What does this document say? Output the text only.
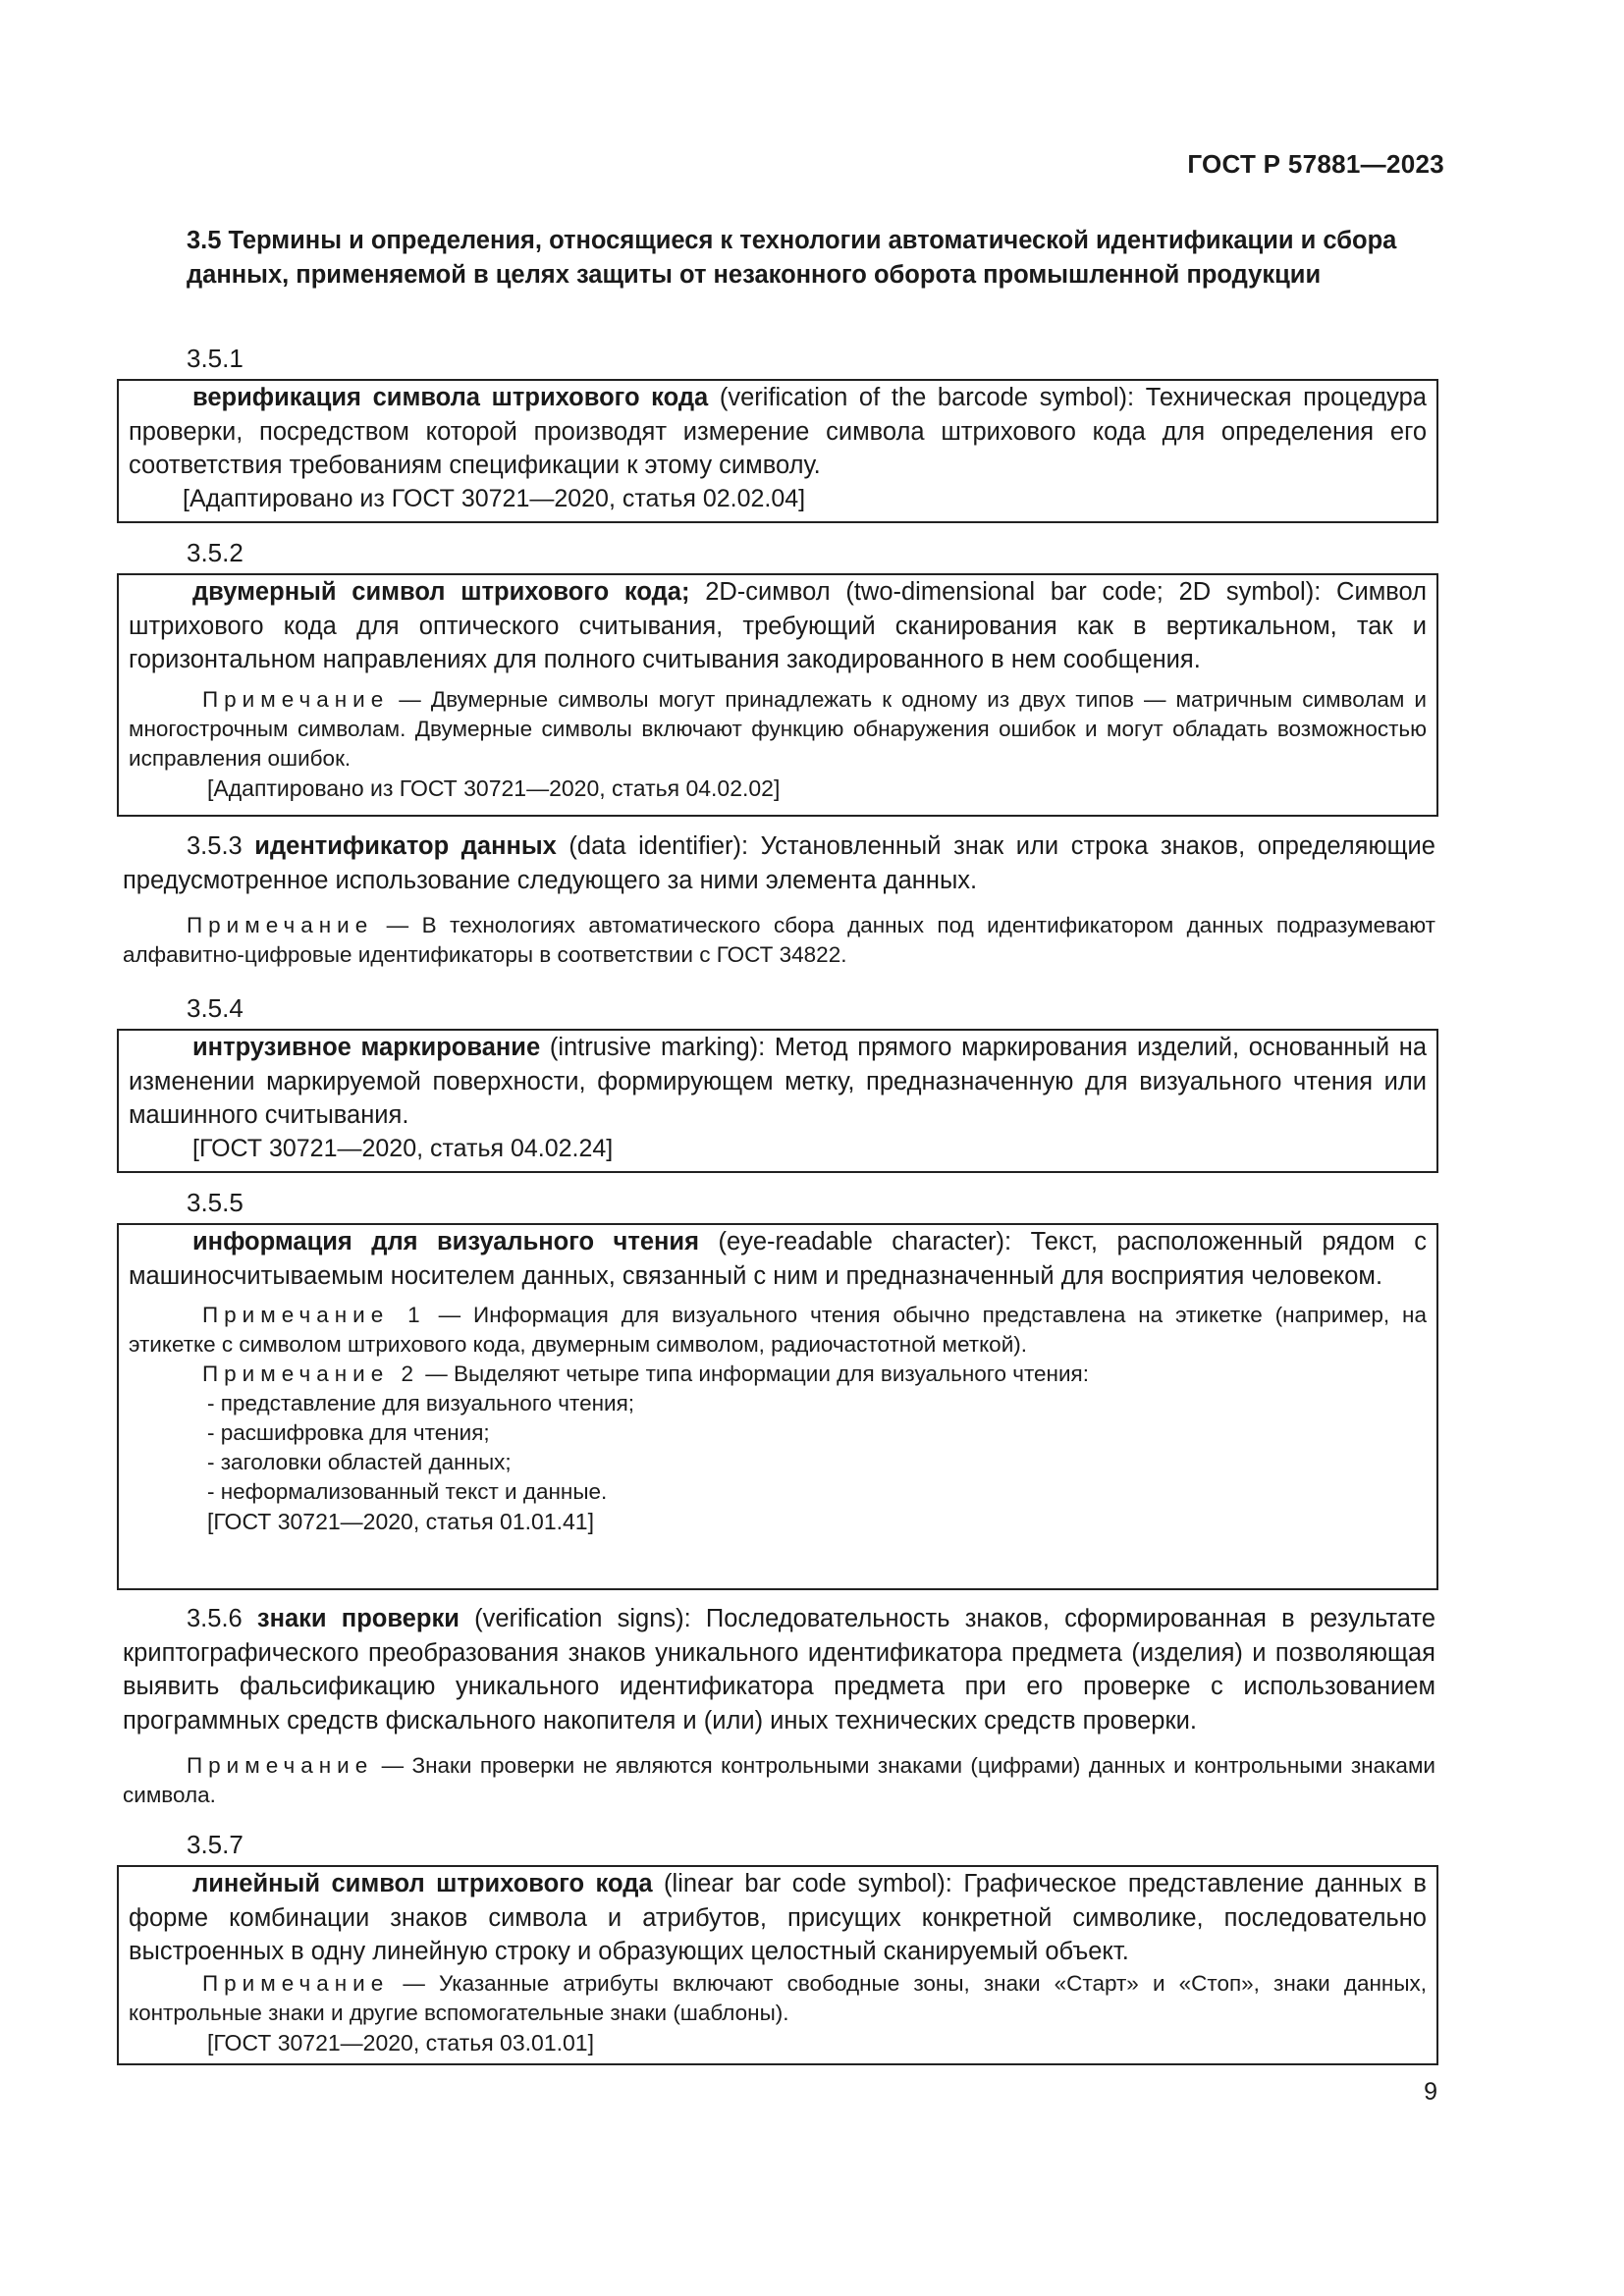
ГОСТ Р 57881—2023

3.5 Термины и определения, относящиеся к технологии автоматической идентификации и сбора данных, применяемой в целях защиты от незаконного оборота промышленной продукции

3.5.1

верификация символа штрихового кода (verification of the barcode symbol): Техническая процедура проверки, посредством которой производят измерение символа штрихового кода для определения его соответствия требованиям спецификации к этому символу.

[Адаптировано из ГОСТ 30721—2020, статья 02.02.04]

3.5.2

двумерный символ штрихового кода; 2D-символ (two-dimensional bar code; 2D symbol): Символ штрихового кода для оптического считывания, требующий сканирования как в вертикальном, так и горизонтальном направлениях для полного считывания закодированного в нем сообщения.

Примечание — Двумерные символы могут принадлежать к одному из двух типов — матричным символам и многострочным символам. Двумерные символы включают функцию обнаружения ошибок и могут обладать возможностью исправления ошибок.

[Адаптировано из ГОСТ 30721—2020, статья 04.02.02]

3.5.3 идентификатор данных (data identifier): Установленный знак или строка знаков, определяющие предусмотренное использование следующего за ними элемента данных.

Примечание — В технологиях автоматического сбора данных под идентификатором данных подразумевают алфавитно-цифровые идентификаторы в соответствии с ГОСТ 34822.

3.5.4

интрузивное маркирование (intrusive marking): Метод прямого маркирования изделий, основанный на изменении маркируемой поверхности, формирующем метку, предназначенную для визуального чтения или машинного считывания.

[ГОСТ 30721—2020, статья 04.02.24]

3.5.5

информация для визуального чтения (eye-readable character): Текст, расположенный рядом с машиносчитываемым носителем данных, связанный с ним и предназначенный для восприятия человеком.

Примечание 1 — Информация для визуального чтения обычно представлена на этикетке (например, на этикетке с символом штрихового кода, двумерным символом, радиочастотной меткой).

Примечание 2 — Выделяют четыре типа информации для визуального чтения:

- представление для визуального чтения;

- расшифровка для чтения;

- заголовки областей данных;

- неформализованный текст и данные.

[ГОСТ 30721—2020, статья 01.01.41]

3.5.6 знаки проверки (verification signs): Последовательность знаков, сформированная в результате криптографического преобразования знаков уникального идентификатора предмета (изделия) и позволяющая выявить фальсификацию уникального идентификатора предмета при его проверке с использованием программных средств фискального накопителя и (или) иных технических средств проверки.

Примечание — Знаки проверки не являются контрольными знаками (цифрами) данных и контрольными знаками символа.

3.5.7

линейный символ штрихового кода (linear bar code symbol): Графическое представление данных в форме комбинации знаков символа и атрибутов, присущих конкретной символике, последовательно выстроенных в одну линейную строку и образующих целостный сканируемый объект.

Примечание — Указанные атрибуты включают свободные зоны, знаки «Старт» и «Стоп», знаки данных, контрольные знаки и другие вспомогательные знаки (шаблоны).

[ГОСТ 30721—2020, статья 03.01.01]

9
